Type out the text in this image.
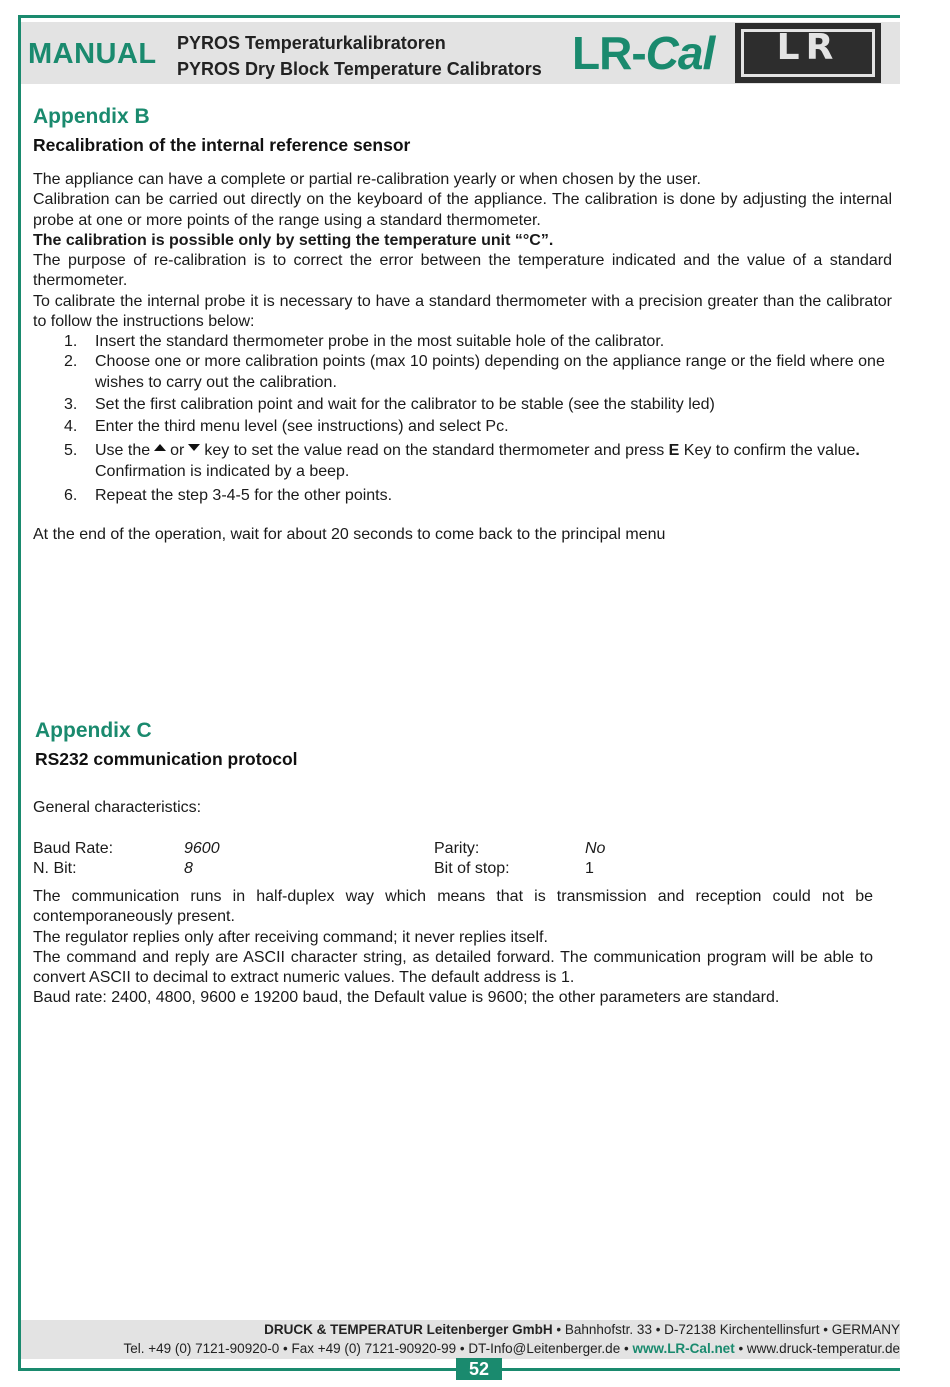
MANUAL PYROS Temperaturkalibratoren
PYROS Dry Block Temperature Calibrators LR-Cal	LR
Appendix B
Recalibration of the internal reference sensor

The appliance can have a complete or partial re-calibration yearly or when chosen by the user.

Calibration can be carried out directly on the keyboard of the appliance. The calibration is done by adjusting the internal probe at one or more points of the range using a standard thermometer.

The calibration is possible only by setting the temperature unit “°C”.

The purpose of re-calibration is to correct the error between the temperature indicated and the value of a standard thermometer.

To calibrate the internal probe it is necessary to have a standard thermometer with a precision greater than the calibrator to follow the instructions below:

1.	Insert the standard thermometer probe in the most suitable hole of the calibrator.
2.	Choose one or more calibration points (max 10 points) depending on the appliance range or the field where one wishes to carry out the calibration.
3.	Set the first calibration point and wait for the calibrator to be stable (see the stability led)
4.	Enter the third menu level (see instructions) and select Pc.
5.	Use the or key to set the value read on the standard thermometer and press E Key to confirm the value. Confirmation is indicated by a beep.
6.	Repeat the step 3-4-5 for the other points.
At the end of the operation, wait for about 20 seconds to come back to the principal menu
Appendix C
RS232 communication protocol
General characteristics:
Baud Rate:	9600	Parity:	No
N. Bit:	8	Bit of stop:	1

The communication runs in half-duplex way which means that is transmission and reception could not be contemporaneously present.

The regulator replies only after receiving command; it never replies itself.

The command and reply are ASCII character string, as detailed forward. The communication program will be able to convert ASCII to decimal to extract numeric values. The default address is 1.

Baud rate: 2400, 4800, 9600 e 19200 baud, the Default value is 9600; the other parameters are standard.

DRUCK & TEMPERATUR Leitenberger GmbH • Bahnhofstr. 33 • D-72138 Kirchentellinsfurt • GERMANY
Tel. +49 (0) 7121-90920-0 • Fax +49 (0) 7121-90920-99 • DT-Info@Leitenberger.de • www.LR-Cal.net • www.druck-temperatur.de
52
